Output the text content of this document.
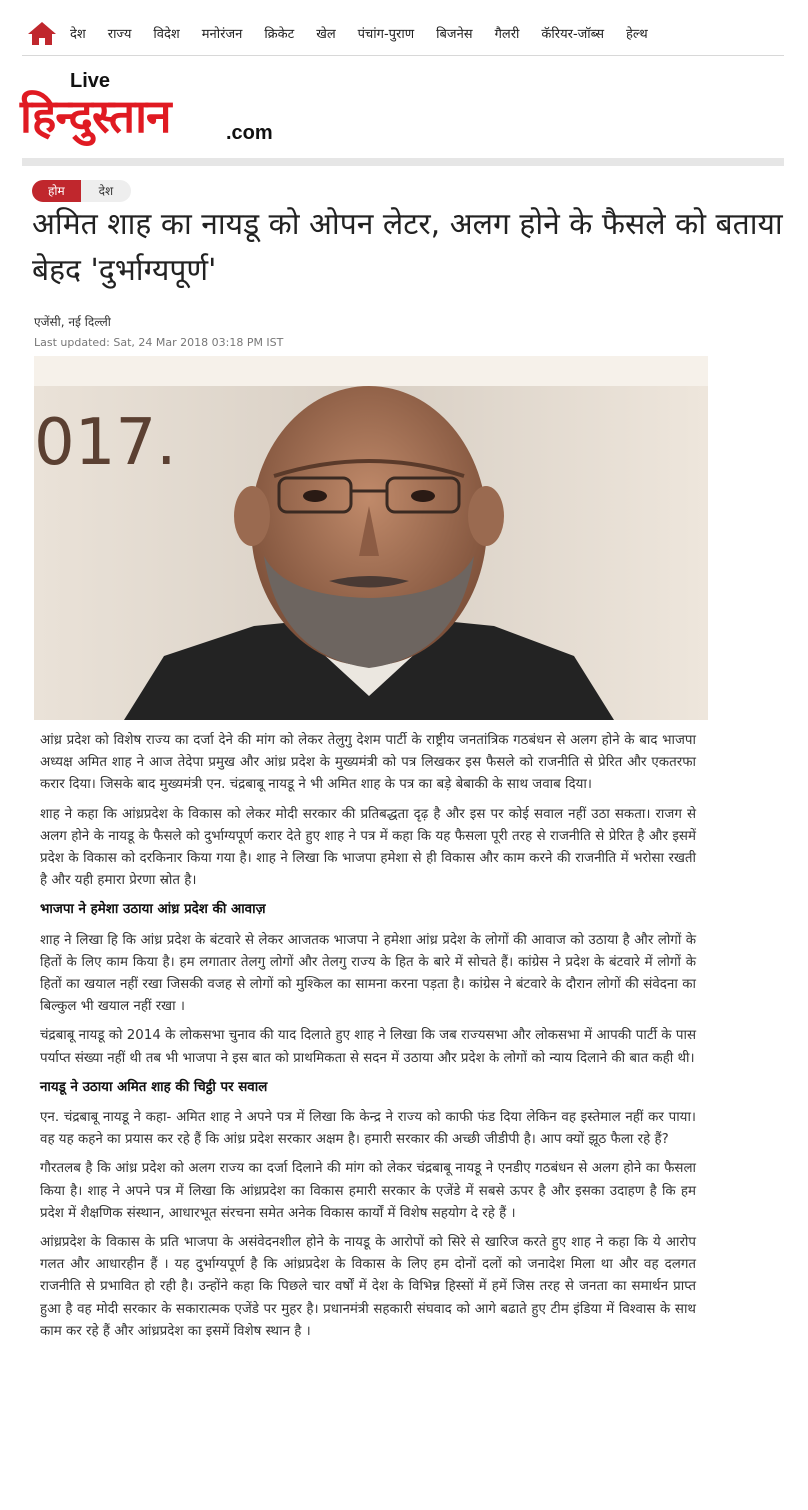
देश राज्य विदेश मनोरंजन क्रिकेट खेल पंचांग-पुराण बिजनेस गैलरी कॅरियर-जॉब्स हेल्थ
Live
हिन्दुस्तान	.com
होम	देश
अमित शाह का नायडू को ओपन लेटर, अलग होने के फैसले को बताया बेहद 'दुर्भाग्यपूर्ण'
एजेंसी, नई दिल्ली
Last updated: Sat, 24 Mar 2018 03:18 PM IST
017.

आंध्र प्रदेश को विशेष राज्य का दर्जा देने की मांग को लेकर तेलुगु देशम पार्टी के राष्ट्रीय जनतांत्रिक गठबंधन से अलग होने के बाद भाजपा अध्यक्ष अमित शाह ने आज तेदेपा प्रमुख और आंध्र प्रदेश के मुख्यमंत्री को पत्र लिखकर इस फैसले को राजनीति से प्रेरित और एकतरफा करार दिया। जिसके बाद मुख्यमंत्री एन. चंद्रबाबू नायडू ने भी अमित शाह के पत्र का बड़े बेबाकी के साथ जवाब दिया।

शाह ने कहा कि आंध्रप्रदेश के विकास को लेकर मोदी सरकार की प्रतिबद्धता दृढ़ है और इस पर कोई सवाल नहीं उठा सकता। राजग से अलग होने के नायडू के फैसले को दुर्भाग्यपूर्ण करार देते हुए शाह ने पत्र में कहा कि यह फैसला पूरी तरह से राजनीति से प्रेरित है और इसमें प्रदेश के विकास को दरकिनार किया गया है। शाह ने लिखा कि भाजपा हमेशा से ही विकास और काम करने की राजनीति में भरोसा रखती है और यही हमारा प्रेरणा स्रोत है।

भाजपा ने हमेशा उठाया आंध्र प्रदेश की आवाज़

शाह ने लिखा हि कि आंध्र प्रदेश के बंटवारे से लेकर आजतक भाजपा ने हमेशा आंध्र प्रदेश के लोगों की आवाज को उठाया है और लोगों के हितों के लिए काम किया है। हम लगातार तेलगु लोगों और तेलगु राज्य के हित के बारे में सोचते हैं। कांग्रेस ने प्रदेश के बंटवारे में लोगों के हितों का खयाल नहीं रखा जिसकी वजह से लोगों को मुश्किल का सामना करना पड़ता है। कांग्रेस ने बंटवारे के दौरान लोगों की संवेदना का बिल्कुल भी खयाल नहीं रखा ।

चंद्रबाबू नायडू को 2014 के लोकसभा चुनाव की याद दिलाते हुए शाह ने लिखा कि जब राज्यसभा और लोकसभा में आपकी पार्टी के पास पर्याप्त संख्या नहीं थी तब भी भाजपा ने इस बात को प्राथमिकता से सदन में उठाया और प्रदेश के लोगों को न्याय दिलाने की बात कही थी।

नायडू ने उठाया अमित शाह की चिट्ठी पर सवाल

एन. चंद्रबाबू नायडू ने कहा- अमित शाह ने अपने पत्र में लिखा कि केन्द्र ने राज्य को काफी फंड दिया लेकिन वह इस्तेमाल नहीं कर पाया। वह यह कहने का प्रयास कर रहे हैं कि आंध्र प्रदेश सरकार अक्षम है। हमारी सरकार की अच्छी जीडीपी है। आप क्यों झूठ फैला रहे हैं?

गौरतलब है कि आंध्र प्रदेश को अलग राज्य का दर्जा दिलाने की मांग को लेकर चंद्रबाबू नायडू ने एनडीए गठबंधन से अलग होने का फैसला किया है। शाह ने अपने पत्र में लिखा कि आंध्रप्रदेश का विकास हमारी सरकार के एजेंडे में सबसे ऊपर है और इसका उदाहण है कि हम प्रदेश में शैक्षणिक संस्थान, आधारभूत संरचना समेत अनेक विकास कार्यों में विशेष सहयोग दे रहे हैं ।

आंध्रप्रदेश के विकास के प्रति भाजपा के असंवेदनशील होने के नायडू के आरोपों को सिरे से खारिज करते हुए शाह ने कहा कि ये आरोप गलत और आधारहीन हैं । यह दुर्भाग्यपूर्ण है कि आंध्रप्रदेश के विकास के लिए हम दोनों दलों को जनादेश मिला था और वह दलगत राजनीति से प्रभावित हो रही है। उन्होंने कहा कि पिछले चार वर्षों में देश के विभिन्न हिस्सों में हमें जिस तरह से जनता का समार्थन प्राप्त हुआ है वह मोदी सरकार के सकारात्मक एजेंडे पर मुहर है। प्रधानमंत्री सहकारी संघवाद को आगे बढाते हुए टीम इंडिया में विश्वास के साथ काम कर रहे हैं और आंध्रप्रदेश का इसमें विशेष स्थान है ।
